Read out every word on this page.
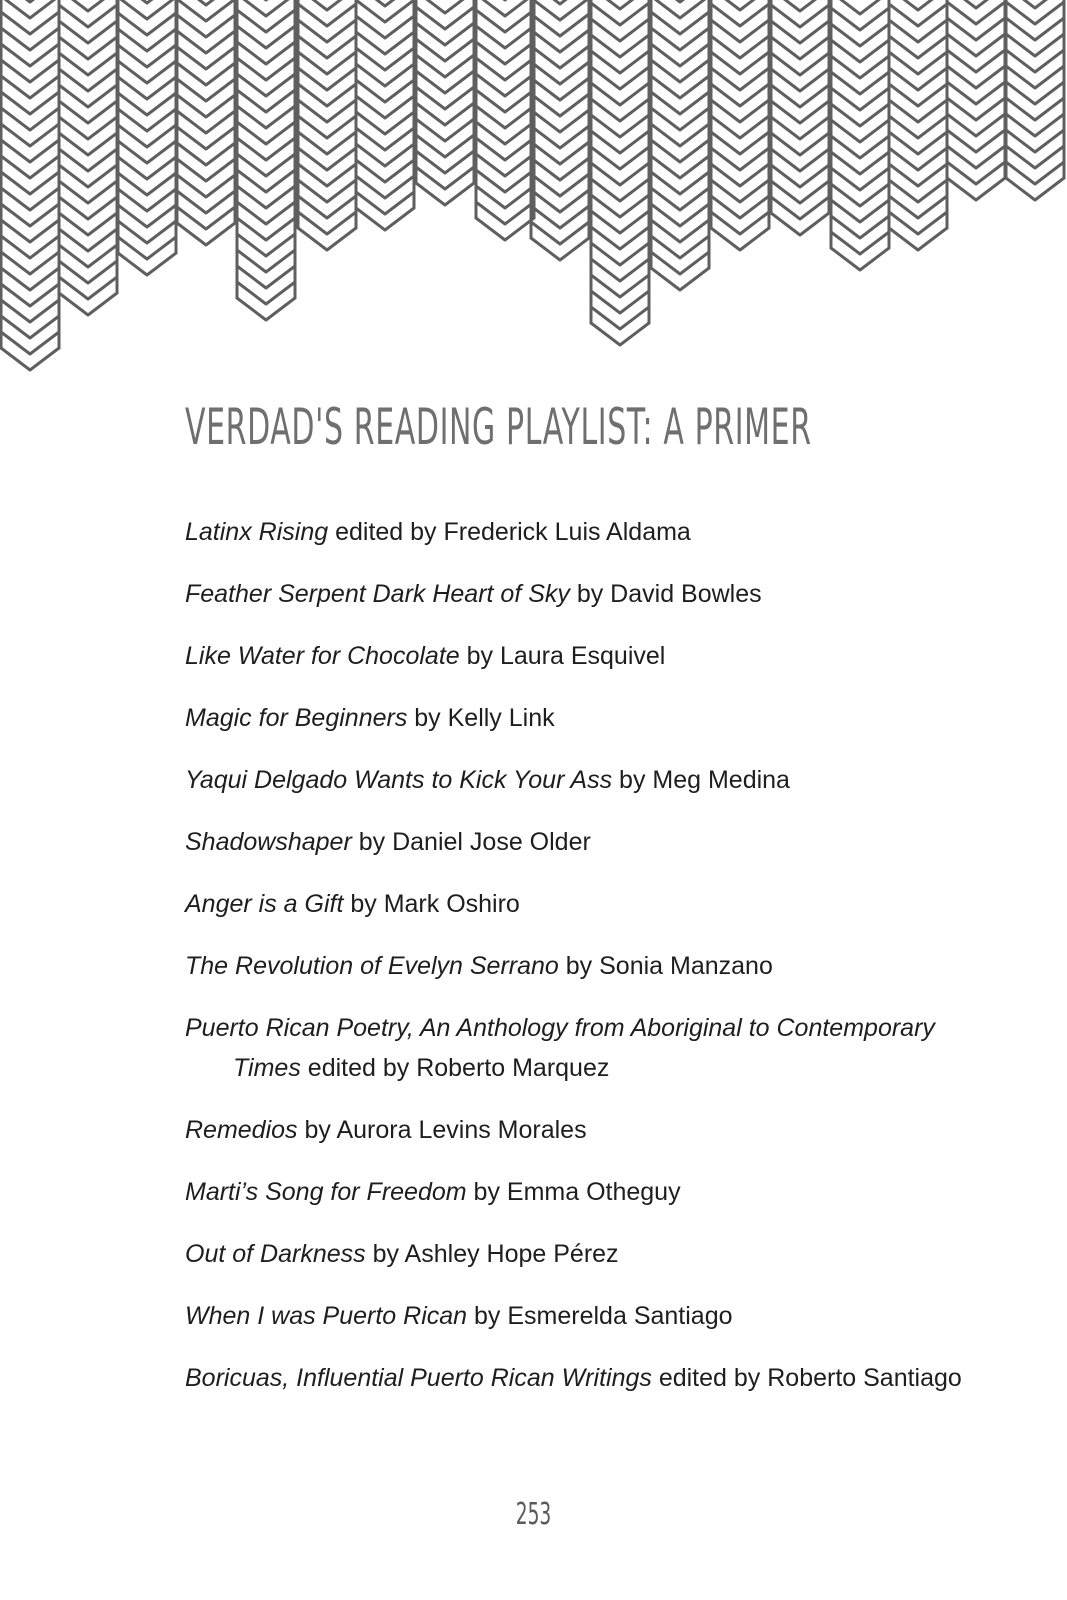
VERDAD'S READING PLAYLIST: A PRIMER
Latinx Rising edited by Frederick Luis Aldama
Feather Serpent Dark Heart of Sky by David Bowles
Like Water for Chocolate by Laura Esquivel
Magic for Beginners by Kelly Link
Yaqui Delgado Wants to Kick Your Ass by Meg Medina
Shadowshaper by Daniel Jose Older
Anger is a Gift by Mark Oshiro
The Revolution of Evelyn Serrano by Sonia Manzano
Puerto Rican Poetry, An Anthology from Aboriginal to Contemporary Times edited by Roberto Marquez
Remedios by Aurora Levins Morales
Marti’s Song for Freedom by Emma Otheguy
Out of Darkness by Ashley Hope Pérez
When I was Puerto Rican by Esmerelda Santiago
Boricuas, Influential Puerto Rican Writings edited by Roberto Santiago
253
